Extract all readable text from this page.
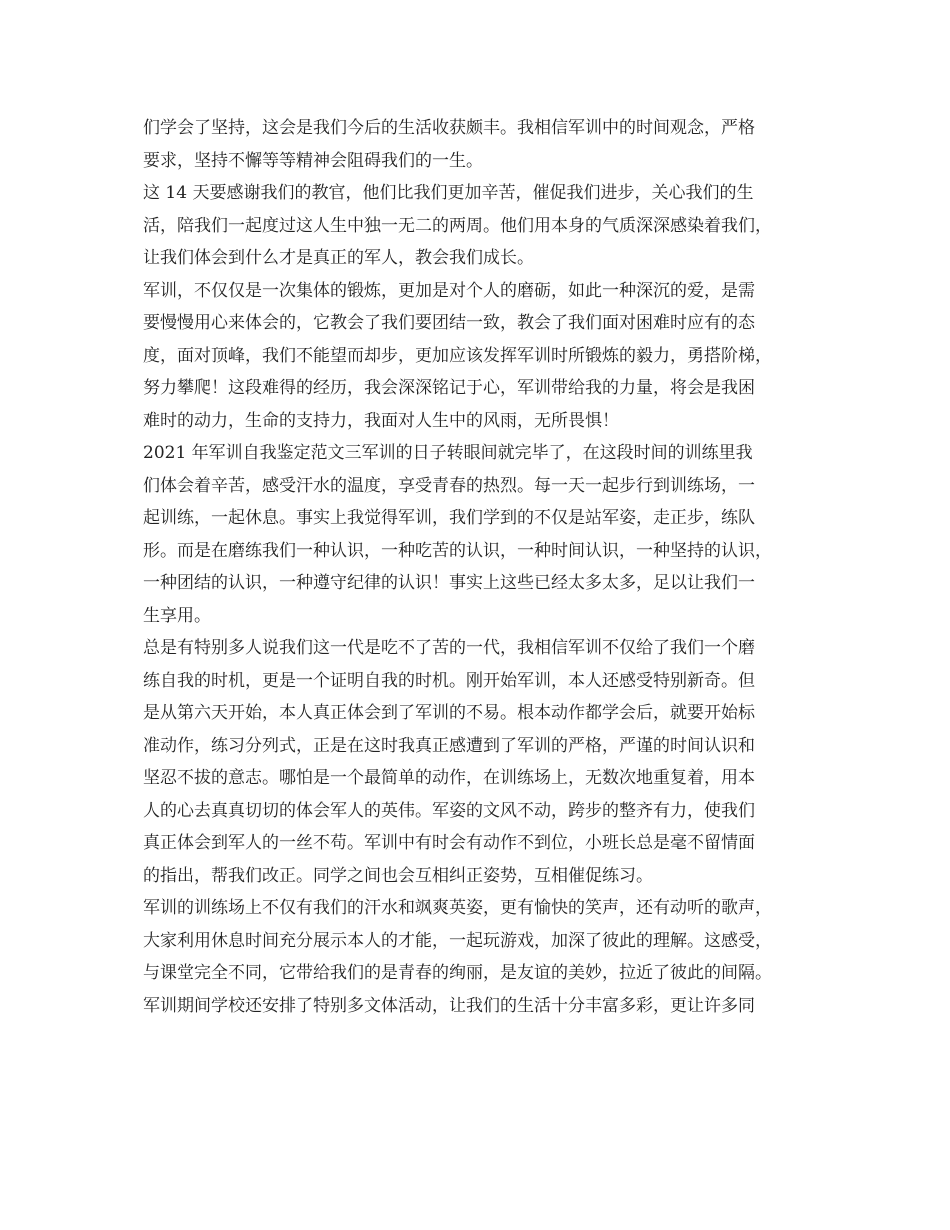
们学会了坚持，这会是我们今后的生活收获颇丰。我相信军训中的时间观念，严格
要求，坚持不懈等等精神会阻碍我们的一生。
这 14 天要感谢我们的教官，他们比我们更加辛苦，催促我们进步，关心我们的生
活，陪我们一起度过这人生中独一无二的两周。他们用本身的气质深深感染着我们，
让我们体会到什么才是真正的军人，教会我们成长。
军训，不仅仅是一次集体的锻炼，更加是对个人的磨砺，如此一种深沉的爱，是需
要慢慢用心来体会的，它教会了我们要团结一致，教会了我们面对困难时应有的态
度，面对顶峰，我们不能望而却步，更加应该发挥军训时所锻炼的毅力，勇搭阶梯，
努力攀爬！这段难得的经历，我会深深铭记于心，军训带给我的力量，将会是我困
难时的动力，生命的支持力，我面对人生中的风雨，无所畏惧！
2021 年军训自我鉴定范文三军训的日子转眼间就完毕了，在这段时间的训练里我
们体会着辛苦，感受汗水的温度，享受青春的热烈。每一天一起步行到训练场，一
起训练，一起休息。事实上我觉得军训，我们学到的不仅是站军姿，走正步，练队
形。而是在磨练我们一种认识，一种吃苦的认识，一种时间认识，一种坚持的认识，
一种团结的认识，一种遵守纪律的认识！事实上这些已经太多太多，足以让我们一
生享用。
总是有特别多人说我们这一代是吃不了苦的一代，我相信军训不仅给了我们一个磨
练自我的时机，更是一个证明自我的时机。刚开始军训，本人还感受特别新奇。但
是从第六天开始，本人真正体会到了军训的不易。根本动作都学会后，就要开始标
准动作，练习分列式，正是在这时我真正感遭到了军训的严格，严谨的时间认识和
坚忍不拔的意志。哪怕是一个最简单的动作，在训练场上，无数次地重复着，用本
人的心去真真切切的体会军人的英伟。军姿的文风不动，跨步的整齐有力，使我们
真正体会到军人的一丝不苟。军训中有时会有动作不到位，小班长总是毫不留情面
的指出，帮我们改正。同学之间也会互相纠正姿势，互相催促练习。
军训的训练场上不仅有我们的汗水和飒爽英姿，更有愉快的笑声，还有动听的歌声，
大家利用休息时间充分展示本人的才能，一起玩游戏，加深了彼此的理解。这感受，
与课堂完全不同，它带给我们的是青春的绚丽，是友谊的美妙，拉近了彼此的间隔。
军训期间学校还安排了特别多文体活动，让我们的生活十分丰富多彩，更让许多同
